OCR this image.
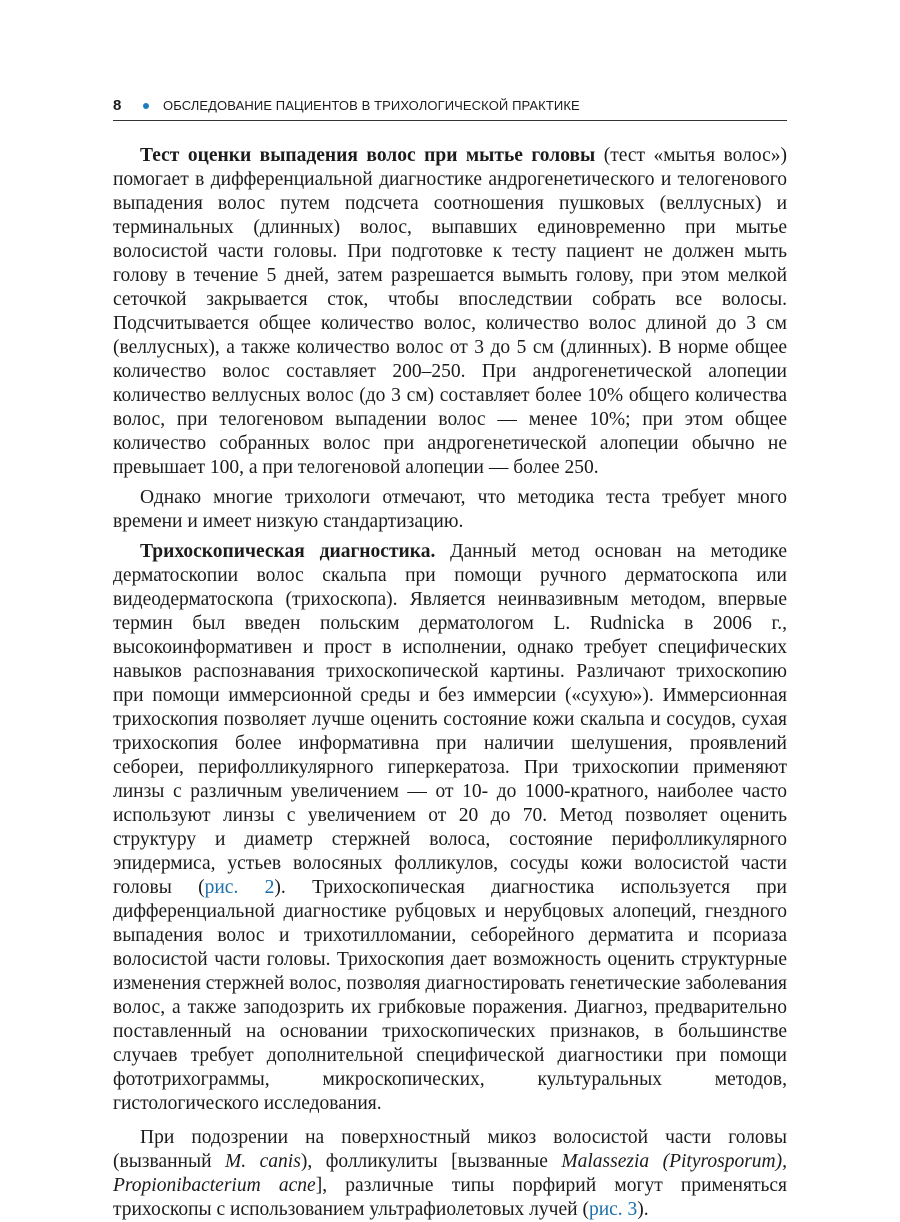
8	ОБСЛЕДОВАНИЕ ПАЦИЕНТОВ В ТРИХОЛОГИЧЕСКОЙ ПРАКТИКЕ

Тест оценки выпадения волос при мытье головы (тест «мытья волос») помогает в дифференциальной диагностике андрогенетического и телогенового выпадения волос путем подсчета соотношения пушковых (веллусных) и терминальных (длинных) волос, выпавших единовременно при мытье волосистой части головы. При подготовке к тесту пациент не должен мыть голову в течение 5 дней, затем разрешается вымыть голову, при этом мелкой сеточкой закрывается сток, чтобы впоследствии собрать все волосы. Подсчитывается общее количество волос, количество волос длиной до 3 см (веллусных), а также количество волос от 3 до 5 см (длинных). В норме общее количество волос составляет 200–250. При андрогенетической алопеции количество веллусных волос (до 3 см) составляет более 10% общего количества волос, при телогеновом выпадении волос — менее 10%; при этом общее количество собранных волос при андрогенетической алопеции обычно не превышает 100, а при телогеновой алопеции — более 250.

Однако многие трихологи отмечают, что методика теста требует много времени и имеет низкую стандартизацию.

Трихоскопическая диагностика. Данный метод основан на методике дерматоскопии волос скальпа при помощи ручного дерматоскопа или видеодерматоскопа (трихоскопа). Является неинвазивным методом, впервые термин был введен польским дерматологом L. Rudnicka в 2006 г., высокоинформативен и прост в исполнении, однако требует специфических навыков распознавания трихоскопической картины. Различают трихоскопию при помощи иммерсионной среды и без иммерсии («сухую»). Иммерсионная трихоскопия позволяет лучше оценить состояние кожи скальпа и сосудов, сухая трихоскопия более информативна при наличии шелушения, проявлений себореи, перифолликулярного гиперкератоза. При трихоскопии применяют линзы с различным увеличением — от 10- до 1000-кратного, наиболее часто используют линзы с увеличением от 20 до 70. Метод позволяет оценить структуру и диаметр стержней волоса, состояние перифолликулярного эпидермиса, устьев волосяных фолликулов, сосуды кожи волосистой части головы (рис. 2). Трихоскопическая диагностика используется при дифференциальной диагностике рубцовых и нерубцовых алопеций, гнездного выпадения волос и трихотилломании, себорейного дерматита и псориаза волосистой части головы. Трихоскопия дает возможность оценить структурные изменения стержней волос, позволяя диагностировать генетические заболевания волос, а также заподозрить их грибковые поражения. Диагноз, предварительно поставленный на основании трихоскопических признаков, в большинстве случаев требует дополнительной специфической диагностики при помощи фототрихограммы, микроскопических, культуральных методов, гистологического исследования.

При подозрении на поверхностный микоз волосистой части головы (вызванный M. canis), фолликулиты [вызванные Malassezia (Pityrosporum), Propionibacterium acne], различные типы порфирий могут применяться трихоскопы с использованием ультрафиолетовых лучей (рис. 3).
